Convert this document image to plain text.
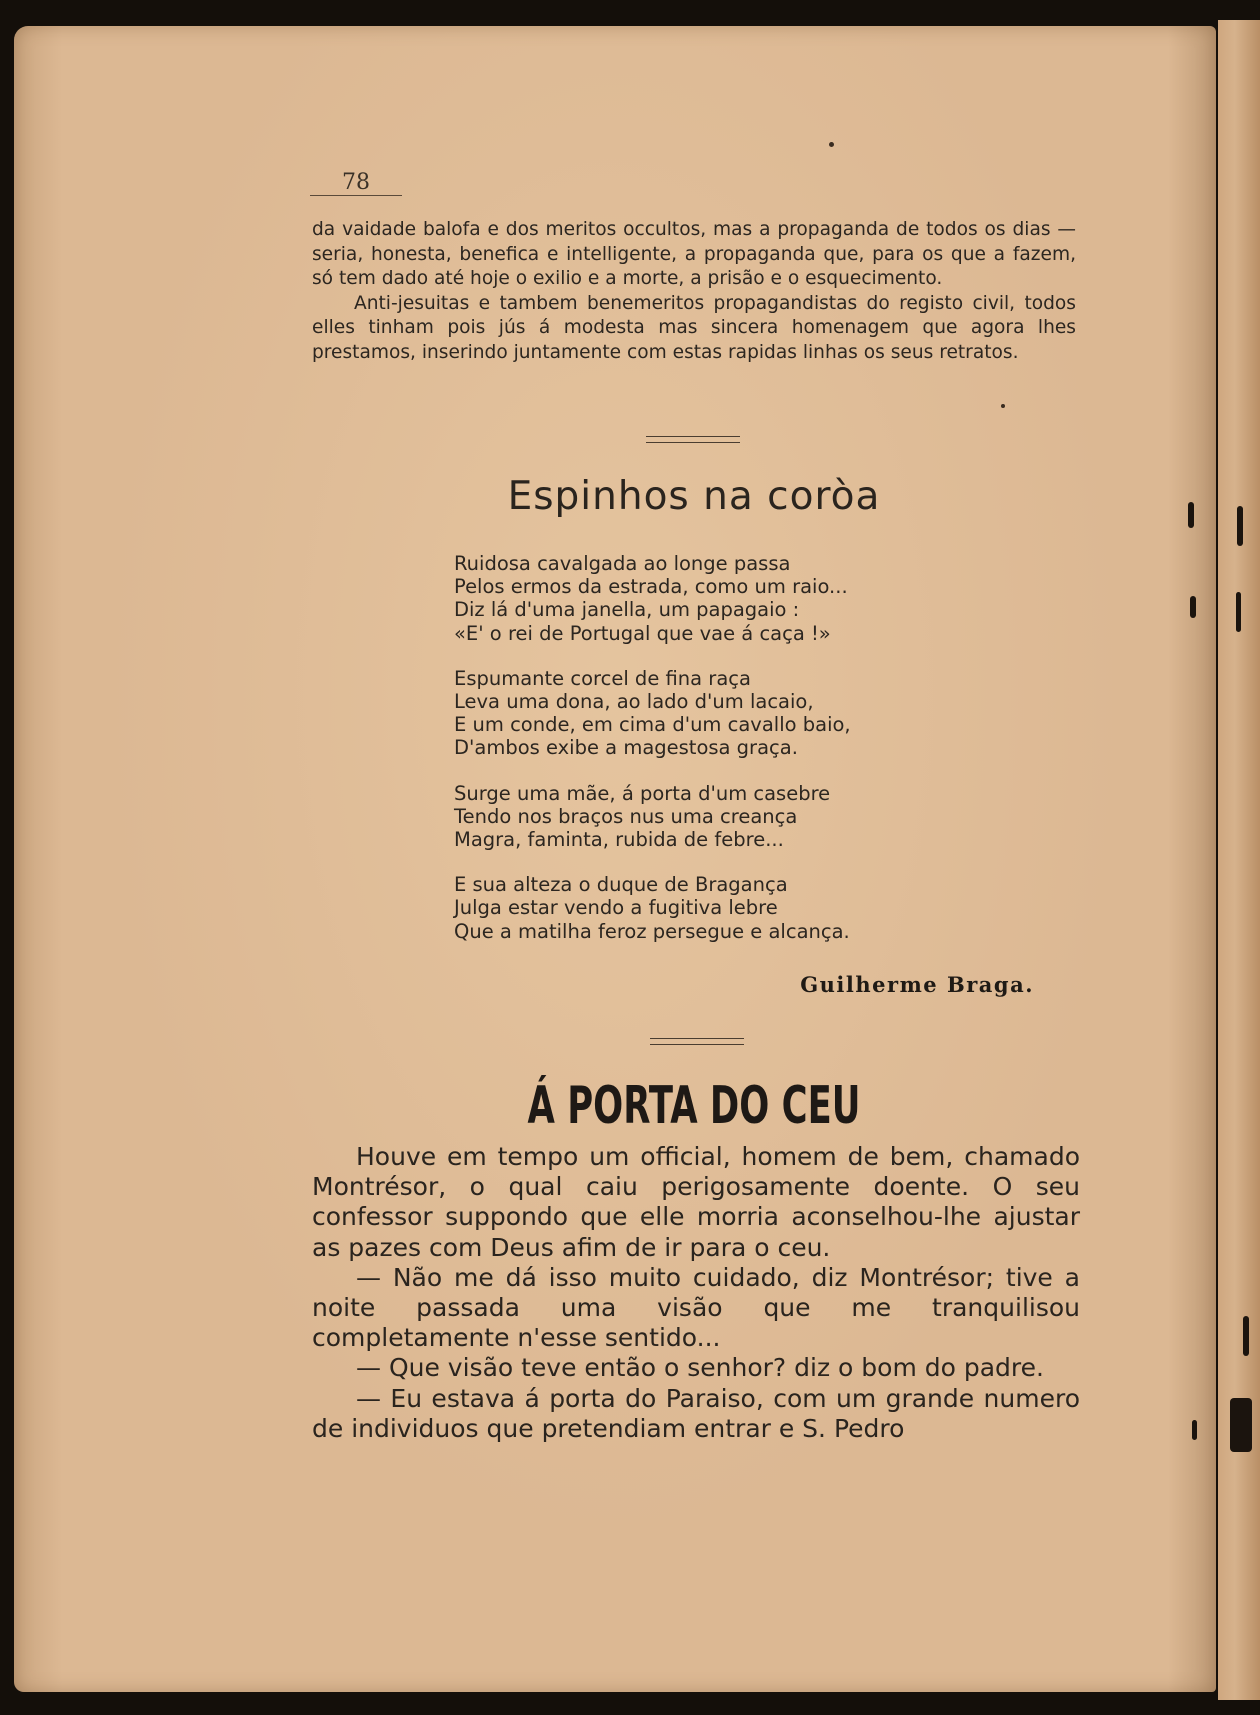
78

da vaidade balofa e dos meritos occultos, mas a propaganda de todos os dias — seria, honesta, benefica e intelligente, a propaganda que, para os que a fazem, só tem dado até hoje o exilio e a morte, a prisão e o esquecimento.

Anti-jesuitas e tambem benemeritos propagandistas do registo civil, todos elles tinham pois jús á modesta mas sincera homenagem que agora lhes prestamos, inserindo juntamente com estas rapidas linhas os seus retratos.

Espinhos na coròa
Ruidosa cavalgada ao longe passa
Pelos ermos da estrada, como um raio...
Diz lá d'uma janella, um papagaio :
«E' o rei de Portugal que vae á caça !»
Espumante corcel de fina raça
Leva uma dona, ao lado d'um lacaio,
E um conde, em cima d'um cavallo baio,
D'ambos exibe a magestosa graça.
Surge uma mãe, á porta d'um casebre
Tendo nos braços nus uma creança
Magra, faminta, rubida de febre...
E sua alteza o duque de Bragança
Julga estar vendo a fugitiva lebre
Que a matilha feroz persegue e alcança.
Guilherme Braga.
Á PORTA DO CEU

Houve em tempo um official, homem de bem, chamado Montrésor, o qual caiu perigosamente doente. O seu confessor suppondo que elle morria aconselhou-lhe ajustar as pazes com Deus afim de ir para o ceu.

— Não me dá isso muito cuidado, diz Montrésor; tive a noite passada uma visão que me tranquilisou completamente n'esse sentido...

— Que visão teve então o senhor? diz o bom do padre.

— Eu estava á porta do Paraiso, com um grande numero de individuos que pretendiam entrar e S. Pedro
